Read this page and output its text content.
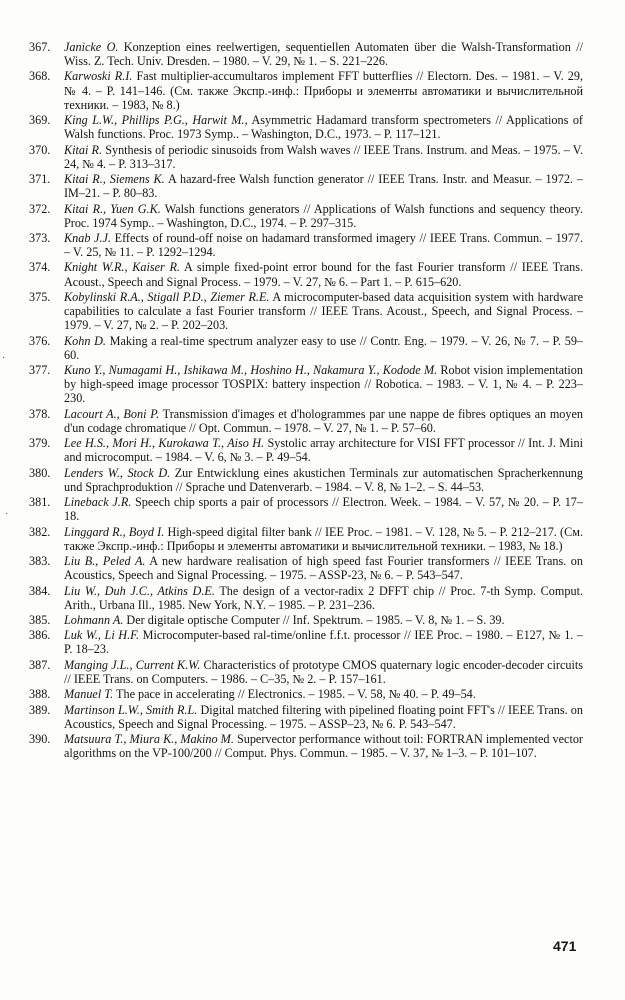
367.	Janicke O. Konzeption eines reelwertigen, sequentiellen Automaten über die Walsh-Transformation // Wiss. Z. Tech. Univ. Dresden. – 1980. – V. 29, № 1. – S. 221–226.
368.	Karwoski R.I. Fast multiplier-accumultaros implement FFT butterflies // Electorn. Des. – 1981. – V. 29, № 4. – P. 141–146. (См. также Экспр.-инф.: Приборы и элементы автоматики и вычислительной техники. – 1983, № 8.)
369.	King L.W., Phillips P.G., Harwit M., Asymmetric Hadamard transform spectrometers // Applications of Walsh functions. Proc. 1973 Symp.. – Washington, D.C., 1973. – P. 117–121.
370.	Kitai R. Synthesis of periodic sinusoids from Walsh waves // IEEE Trans. Instrum. and Meas. – 1975. – V. 24, № 4. – P. 313–317.
371.	Kitai R., Siemens K. A hazard-free Walsh function generator // IEEE Trans. Instr. and Measur. – 1972. – IM–21. – P. 80–83.
372.	Kitai R., Yuen G.K. Walsh functions generators // Applications of Walsh functions and sequency theory. Proc. 1974 Symp.. – Washington, D.C., 1974. – P. 297–315.
373.	Knab J.J. Effects of round-off noise on hadamard transformed imagery // IEEE Trans. Commun. – 1977. – V. 25, № 11. – P. 1292–1294.
374.	Knight W.R., Kaiser R. A simple fixed-point error bound for the fast Fourier transform // IEEE Trans. Acoust., Speech and Signal Process. – 1979. – V. 27, № 6. – Part 1. – P. 615–620.
375.	Kobylinski R.A., Stigall P.D., Ziemer R.E. A microcomputer-based data acquisition system with hardware capabilities to calculate a fast Fourier transform // IEEE Trans. Acoust., Speech, and Signal Process. – 1979. – V. 27, № 2. – P. 202–203.
376.	Kohn D. Making a real-time spectrum analyzer easy to use // Contr. Eng. – 1979. – V. 26, № 7. – P. 59–60.
377.	Kuno Y., Numagami H., Ishikawa M., Hoshino H., Nakamura Y., Kodode M. Robot vision implementation by high-speed image processor TOSPIX: battery inspection // Robotica. – 1983. – V. 1, № 4. – P. 223–230.
378.	Lacourt A., Boni P. Transmission d'images et d'hologrammes par une nappe de fibres optiques an moyen d'un codage chromatique // Opt. Commun. – 1978. – V. 27, № 1. – P. 57–60.
379.	Lee H.S., Mori H., Kurokawa T., Aiso H. Systolic array architecture for VISI FFT processor // Int. J. Mini and microcomput. – 1984. – V. 6, № 3. – P. 49–54.
380.	Lenders W., Stock D. Zur Entwicklung eines akustichen Terminals zur automatischen Spracherkennung und Sprachproduktion // Sprache und Datenverarb. – 1984. – V. 8, № 1–2. – S. 44–53.
381.	Lineback J.R. Speech chip sports a pair of processors // Electron. Week. – 1984. – V. 57, № 20. – P. 17–18.
382.	Linggard R., Boyd I. High-speed digital filter bank // IEE Proc. – 1981. – V. 128, № 5. – P. 212–217. (См. также Экспр.-инф.: Приборы и элементы автоматики и вычислительной техники. – 1983, № 18.)
383.	Liu B., Peled A. A new hardware realisation of high speed fast Fourier transformers // IEEE Trans. on Acoustics, Speech and Signal Processing. – 1975. – ASSP-23, № 6. – P. 543–547.
384.	Liu W., Duh J.C., Atkins D.E. The design of a vector-radix 2 DFFT chip // Proc. 7-th Symp. Comput. Arith., Urbana Ill., 1985. New York, N.Y. – 1985. – P. 231–236.
385.	Lohmann A. Der digitale optische Computer // Inf. Spektrum. – 1985. – V. 8, № 1. – S. 39.
386.	Luk W., Li H.F. Microcomputer-based ral-time/online f.f.t. processor // IEE Proc. – 1980. – E127, № 1. – P. 18–23.
387.	Manging J.L., Current K.W. Characteristics of prototype CMOS quaternary logic encoder-decoder circuits // IEEE Trans. on Computers. – 1986. – C–35, № 2. – P. 157–161.
388.	Manuel T. The pace in accelerating // Electronics. – 1985. – V. 58, № 40. – P. 49–54.
389.	Martinson L.W., Smith R.L. Digital matched filtering with pipelined floating point FFT's // IEEE Trans. on Acoustics, Speech and Signal Processing. – 1975. – ASSP–23, № 6. P. 543–547.
390.	Matsuura T., Miura K., Makino M. Supervector performance without toil: FORTRAN implemented vector algorithms on the VP-100/200 // Comput. Phys. Commun. – 1985. – V. 37, № 1–3. – P. 101–107.
·
·
471
